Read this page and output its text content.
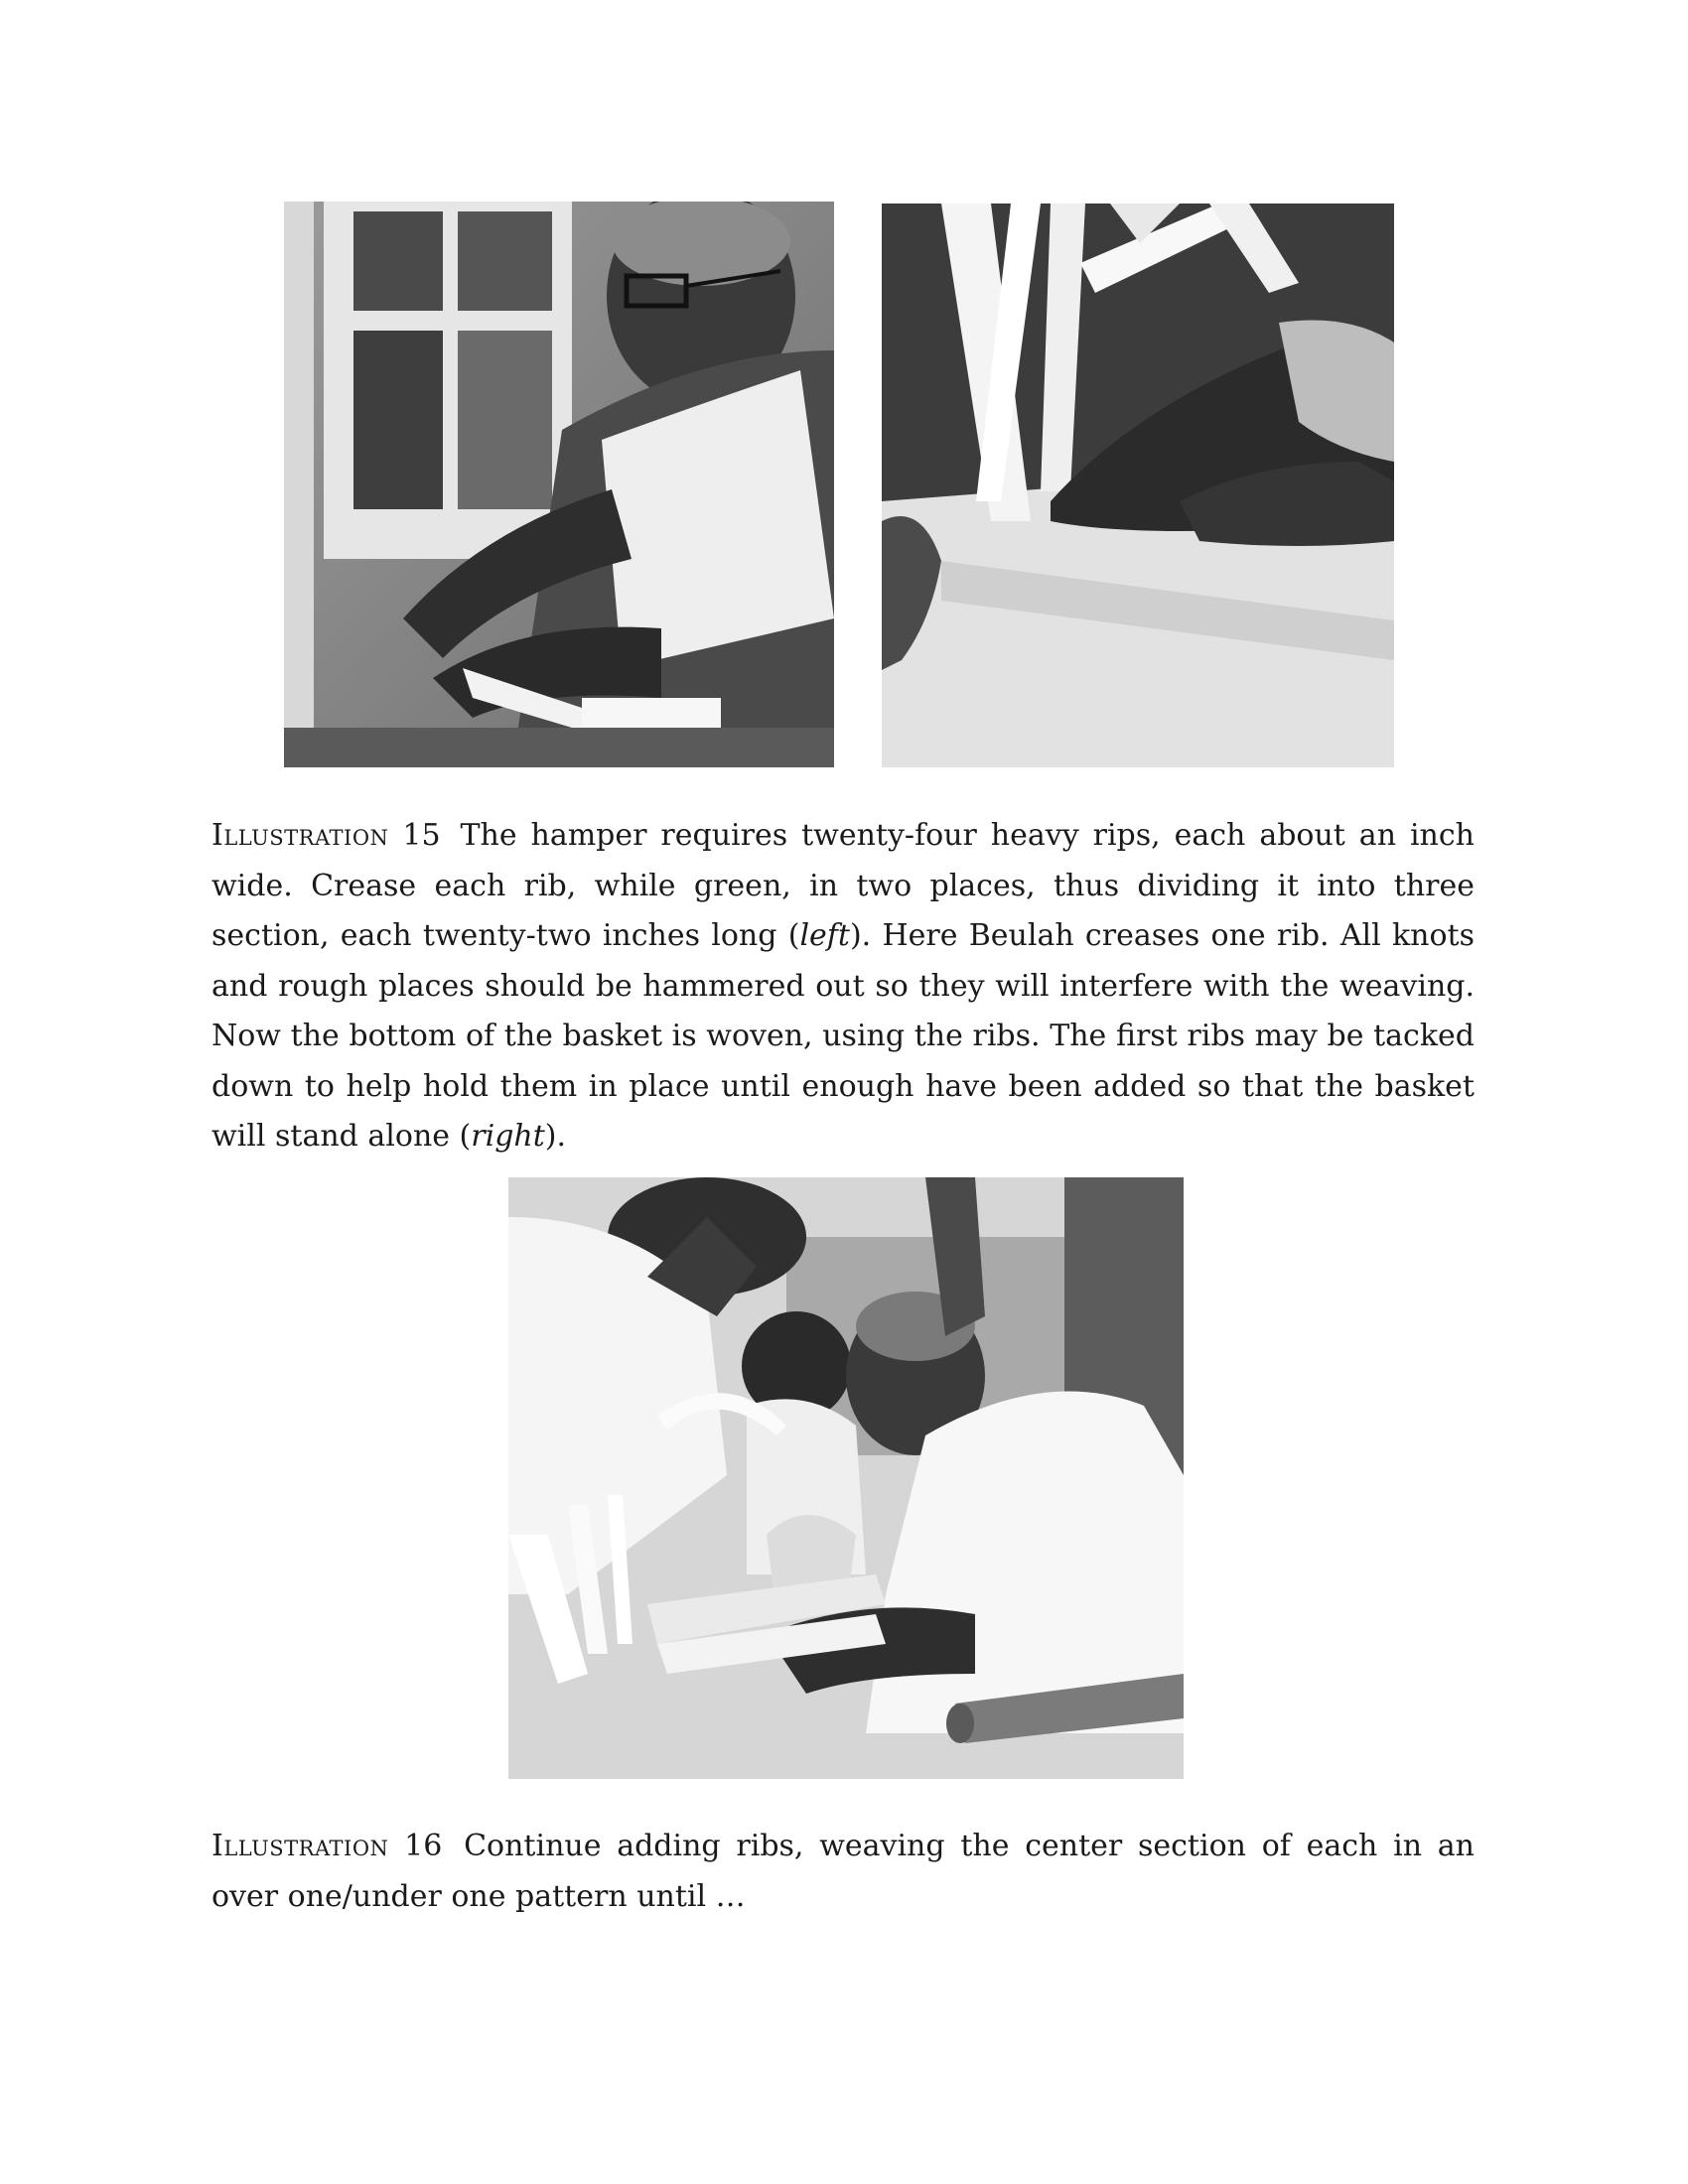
Illustration 15 The hamper requires twenty-four heavy rips, each about an inch wide. Crease each rib, while green, in two places, thus dividing it into three section, each twenty-two inches long (left). Here Beulah creases one rib. All knots and rough places should be hammered out so they will interfere with the weaving. Now the bottom of the basket is woven, using the ribs. The first ribs may be tacked down to help hold them in place until enough have been added so that the basket will stand alone (right).

Illustration 16 Continue adding ribs, weaving the center section of each in an over one/under one pattern until …
